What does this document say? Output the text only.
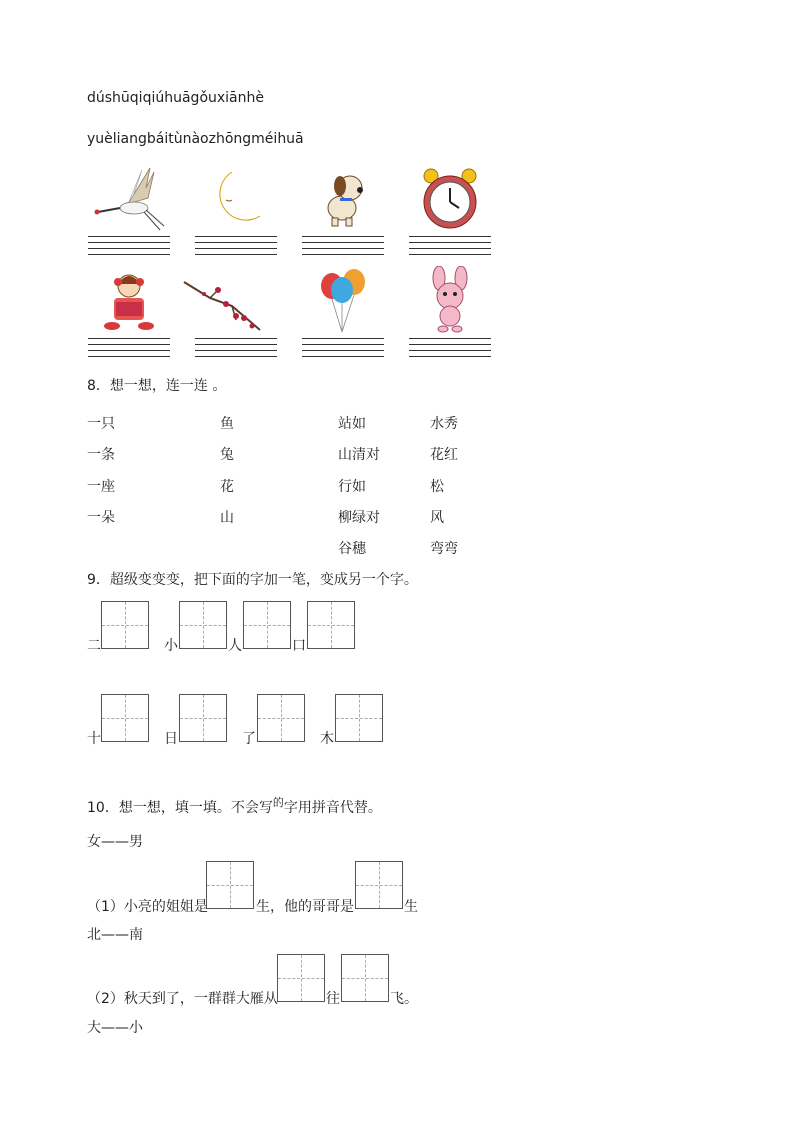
dúshūqiqiúhuāgǒuxiānhè
yuèliangbáitùnàozhōngméihuā
8．想一想，连一连 。
一只
一条
一座
一朵
鱼
兔
花
山
站如
山清对
行如
柳绿对
谷穗
水秀
花红
松
风
弯弯
9．超级变变变，把下面的字加一笔，变成另一个字。
二	小	人	口
十	日	了	木
10．想一想，填一填。不会写$^的$字用拼音代替。
女——男
（1）小亮的姐姐是	生，他的哥哥是	生
北——南
（2）秋天到了，一群群大雁从	往	飞。
大——小
